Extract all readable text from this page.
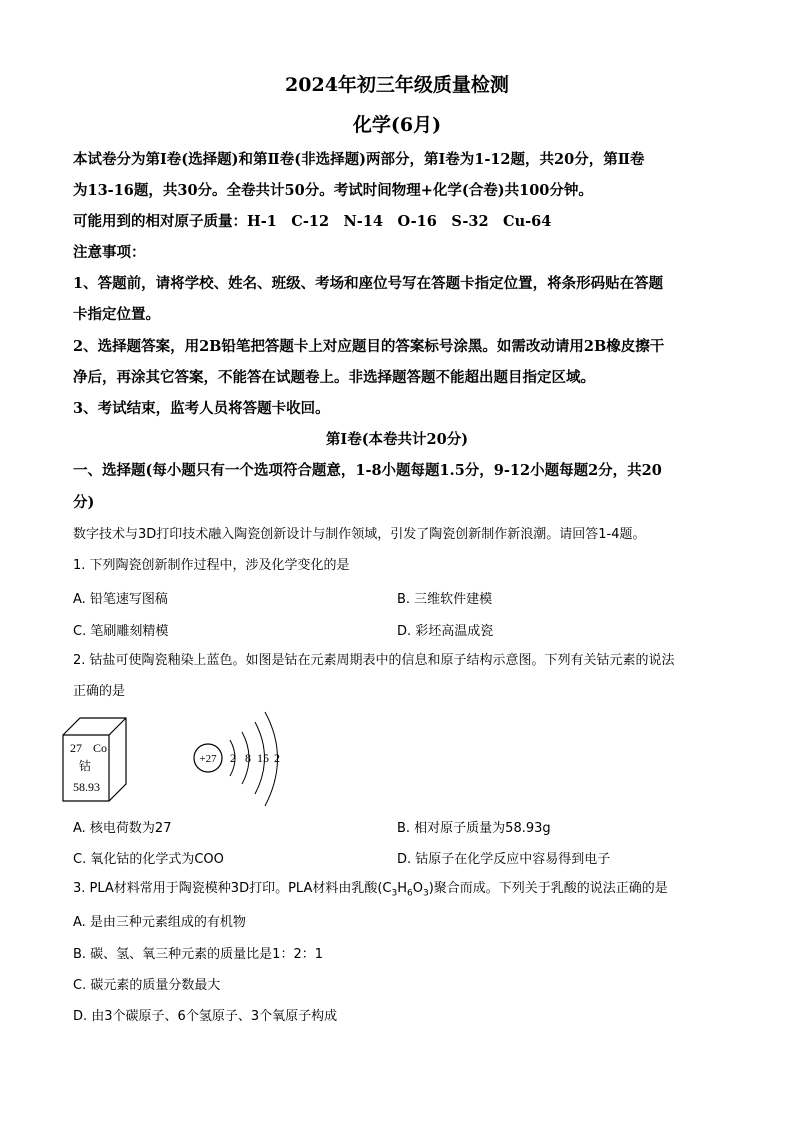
2024年初三年级质量检测
化学(6月)
本试卷分为第Ⅰ卷(选择题)和第Ⅱ卷(非选择题)两部分，第Ⅰ卷为1-12题，共20分，第Ⅱ卷
为13-16题，共30分。全卷共计50分。考试时间物理+化学(合卷)共100分钟。
可能用到的相对原子质量：H-1　C-12　N-14　O-16　S-32　Cu-64
注意事项：
1、答题前，请将学校、姓名、班级、考场和座位号写在答题卡指定位置，将条形码贴在答题
卡指定位置。
2、选择题答案，用2B铅笔把答题卡上对应题目的答案标号涂黑。如需改动请用2B橡皮擦干
净后，再涂其它答案，不能答在试题卷上。非选择题答题不能超出题目指定区域。
3、考试结束，监考人员将答题卡收回。
第Ⅰ卷(本卷共计20分)
一、选择题(每小题只有一个选项符合题意，1-8小题每题1.5分，9-12小题每题2分，共20
分)
数字技术与3D打印技术融入陶瓷创新设计与制作领域，引发了陶瓷创新制作新浪潮。请回答1-4题。
1. 下列陶瓷创新制作过程中，涉及化学变化的是
A. 铅笔速写图稿	B. 三维软件建模
C. 笔刷雕刻精模	D. 彩坯高温成瓷
2. 钴盐可使陶瓷釉染上蓝色。如图是钴在元素周期表中的信息和原子结构示意图。下列有关钴元素的说法
正确的是
27 Co
钴
58.93
+27 2 8 15 2
A. 核电荷数为27	B. 相对原子质量为58.93g
C. 氧化钴的化学式为COO	D. 钴原子在化学反应中容易得到电子
3. PLA材料常用于陶瓷模种3D打印。PLA材料由乳酸$(C_3H_6O_3)$聚合而成。下列关于乳酸的说法正确的是
A. 是由三种元素组成的有机物
B. 碳、氢、氧三种元素的质量比是1：2：1
C. 碳元素的质量分数最大
D. 由3个碳原子、6个氢原子、3个氧原子构成
